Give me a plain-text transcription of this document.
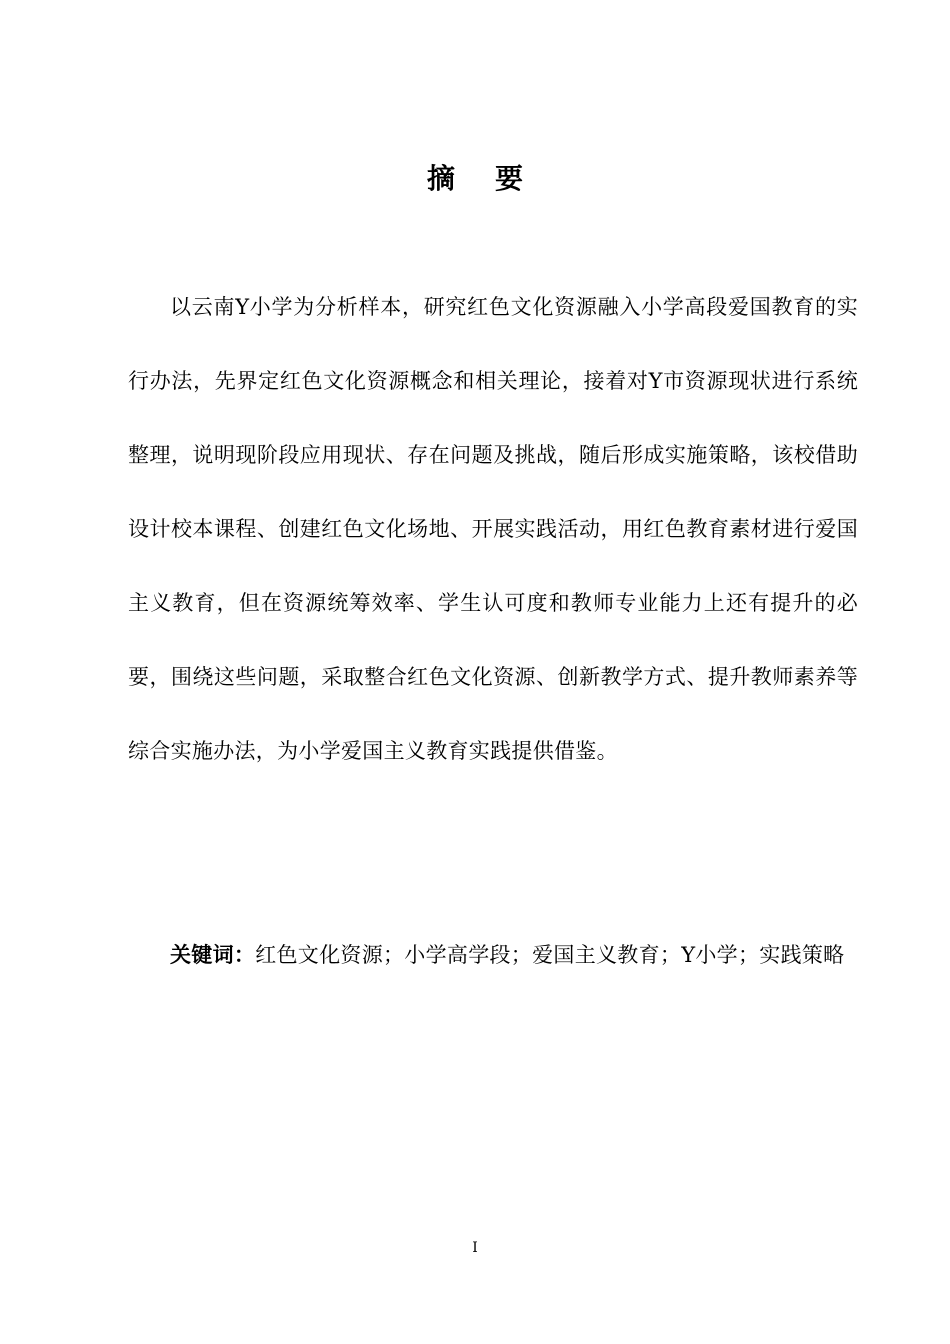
摘 要

以云南Y小学为分析样本，研究红色文化资源融入小学高段爱国教育的实行办法，先界定红色文化资源概念和相关理论，接着对Y市资源现状进行系统整理，说明现阶段应用现状、存在问题及挑战，随后形成实施策略，该校借助设计校本课程、创建红色文化场地、开展实践活动，用红色教育素材进行爱国主义教育，但在资源统筹效率、学生认可度和教师专业能力上还有提升的必要，围绕这些问题，采取整合红色文化资源、创新教学方式、提升教师素养等综合实施办法，为小学爱国主义教育实践提供借鉴。

关键词：红色文化资源；小学高学段；爱国主义教育；Y小学；实践策略

I
